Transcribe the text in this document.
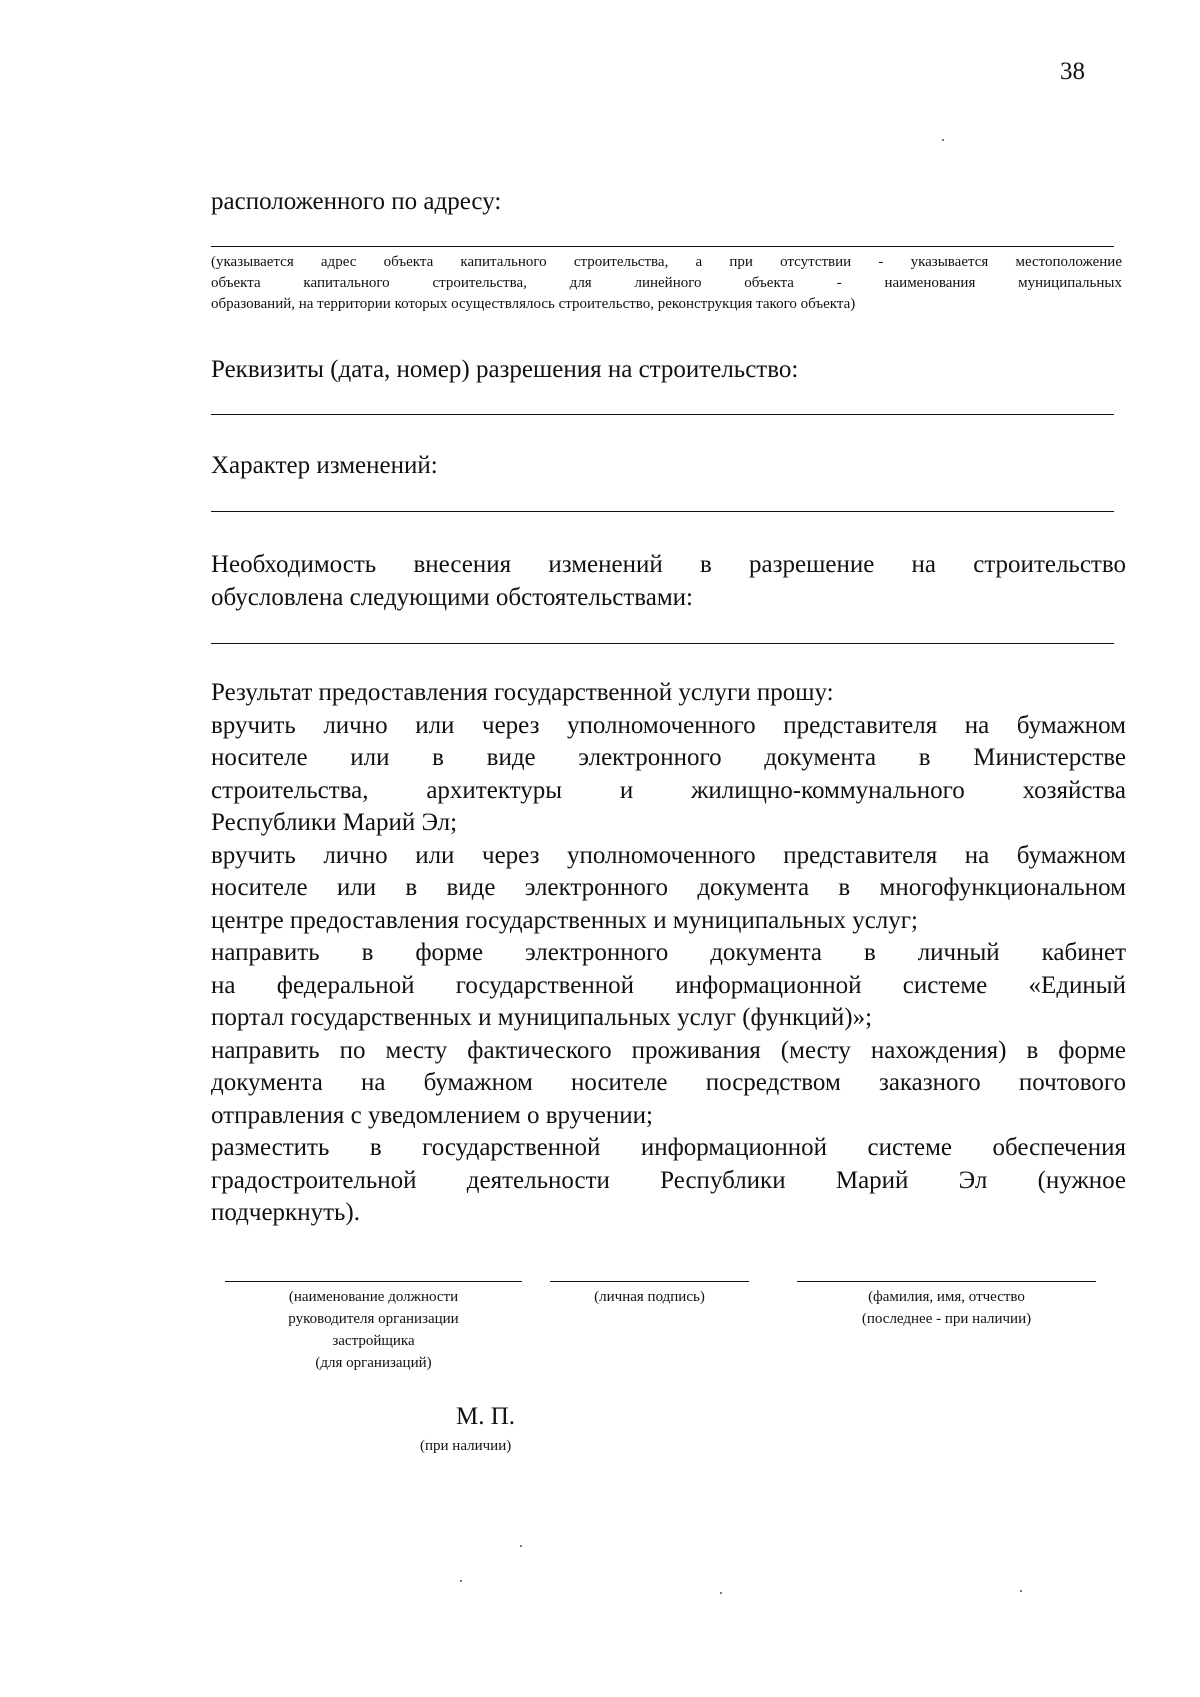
38
расположенного по адресу:
(указывается адрес объекта капитального строительства, а при отсутствии - указывается местоположение
объекта капитального строительства, для линейного объекта - наименования муниципальных
образований, на территории которых осуществлялось строительство, реконструкция такого объекта)
Реквизиты (дата, номер) разрешения на строительство:
Характер изменений:
Необходимость внесения изменений в разрешение на строительство
обусловлена следующими обстоятельствами:
Результат предоставления государственной услуги прошу:
вручить лично или через уполномоченного представителя на бумажном
носителе или в виде электронного документа в Министерстве
строительства, архитектуры и жилищно-коммунального хозяйства
Республики Марий Эл;
вручить лично или через уполномоченного представителя на бумажном
носителе или в виде электронного документа в многофункциональном
центре предоставления государственных и муниципальных услуг;
направить в форме электронного документа в личный кабинет
на федеральной государственной информационной системе «Единый
портал государственных и муниципальных услуг (функций)»;
направить по месту фактического проживания (месту нахождения) в форме
документа на бумажном носителе посредством заказного почтового
отправления с уведомлением о вручении;
разместить в государственной информационной системе обеспечения
градостроительной деятельности Республики Марий Эл (нужное
подчеркнуть).
(наименование должности
руководителя организации
застройщика
(для организаций)
(личная подпись)	(фамилия, имя, отчество
(последнее - при наличии)
М. П.
(при наличии)
